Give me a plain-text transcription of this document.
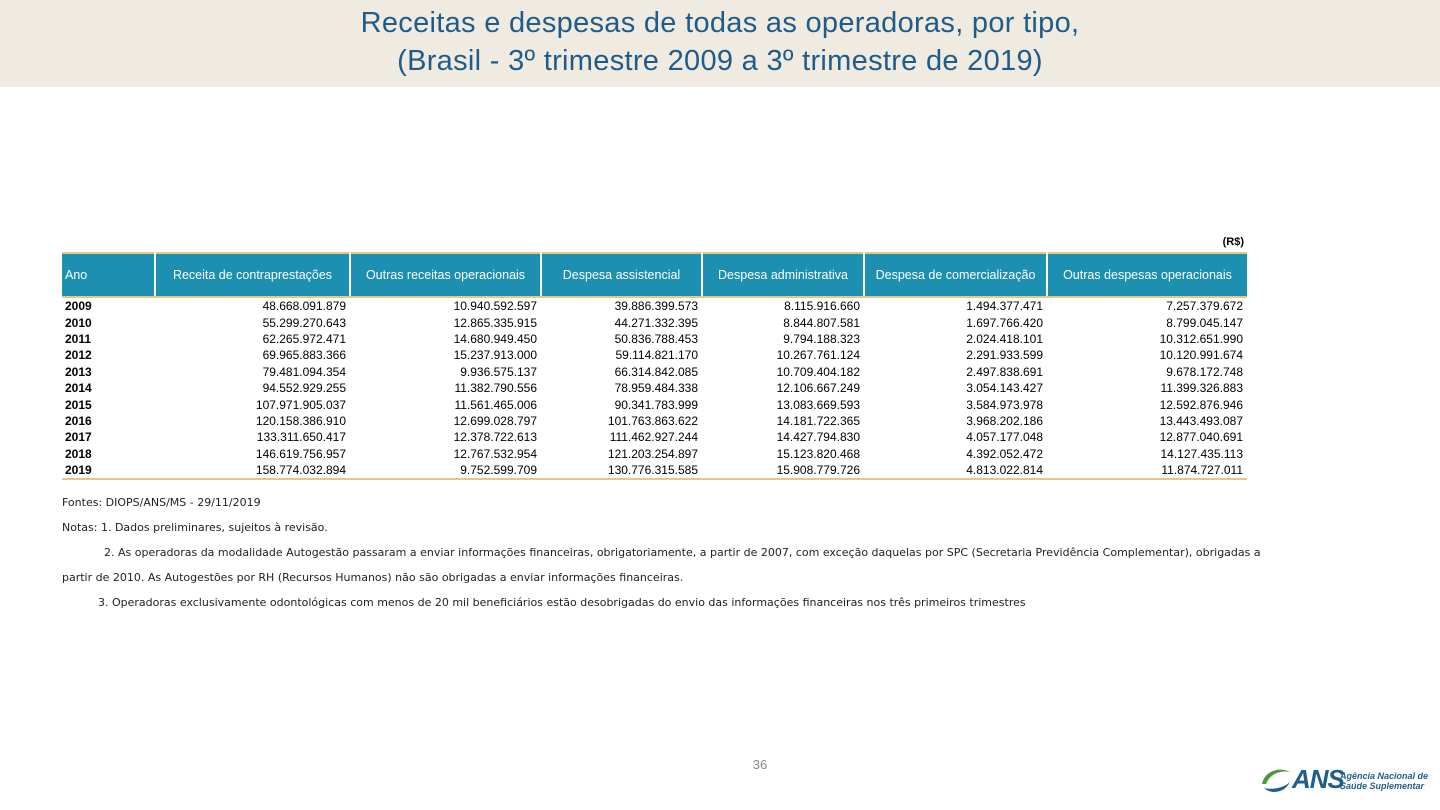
Receitas e despesas de todas as operadoras, por tipo,
(Brasil - 3º trimestre 2009 a 3º trimestre de 2019)
(R$)
Ano	Receita de contraprestações	Outras receitas operacionais	Despesa assistencial	Despesa administrativa	Despesa de comercialização	Outras despesas operacionais
2009	48.668.091.879	10.940.592.597	39.886.399.573	8.115.916.660	1.494.377.471	7.257.379.672
2010	55.299.270.643	12.865.335.915	44.271.332.395	8.844.807.581	1.697.766.420	8.799.045.147
2011	62.265.972.471	14.680.949.450	50.836.788.453	9.794.188.323	2.024.418.101	10.312.651.990
2012	69.965.883.366	15.237.913.000	59.114.821.170	10.267.761.124	2.291.933.599	10.120.991.674
2013	79.481.094.354	9.936.575.137	66.314.842.085	10.709.404.182	2.497.838.691	9.678.172.748
2014	94.552.929.255	11.382.790.556	78.959.484.338	12.106.667.249	3.054.143.427	11.399.326.883
2015	107.971.905.037	11.561.465.006	90.341.783.999	13.083.669.593	3.584.973.978	12.592.876.946
2016	120.158.386.910	12.699.028.797	101.763.863.622	14.181.722.365	3.968.202.186	13.443.493.087
2017	133.311.650.417	12.378.722.613	111.462.927.244	14.427.794.830	4.057.177.048	12.877.040.691
2018	146.619.756.957	12.767.532.954	121.203.254.897	15.123.820.468	4.392.052.472	14.127.435.113
2019	158.774.032.894	9.752.599.709	130.776.315.585	15.908.779.726	4.813.022.814	11.874.727.011

Fontes: DIOPS/ANS/MS - 29/11/2019

Notas: 1. Dados preliminares, sujeitos à revisão.

2. As operadoras da modalidade Autogestão passaram a enviar informações financeiras, obrigatoriamente, a partir de 2007, com exceção daquelas por SPC (Secretaria Previdência Complementar), obrigadas a

partir de 2010. As Autogestões por RH (Recursos Humanos) não são obrigadas a enviar informações financeiras.

3. Operadoras exclusivamente odontológicas com menos de 20 mil beneficiários estão desobrigadas do envio das informações financeiras nos três primeiros trimestres

36	ANS
Agência Nacional de
Saúde Suplementar
